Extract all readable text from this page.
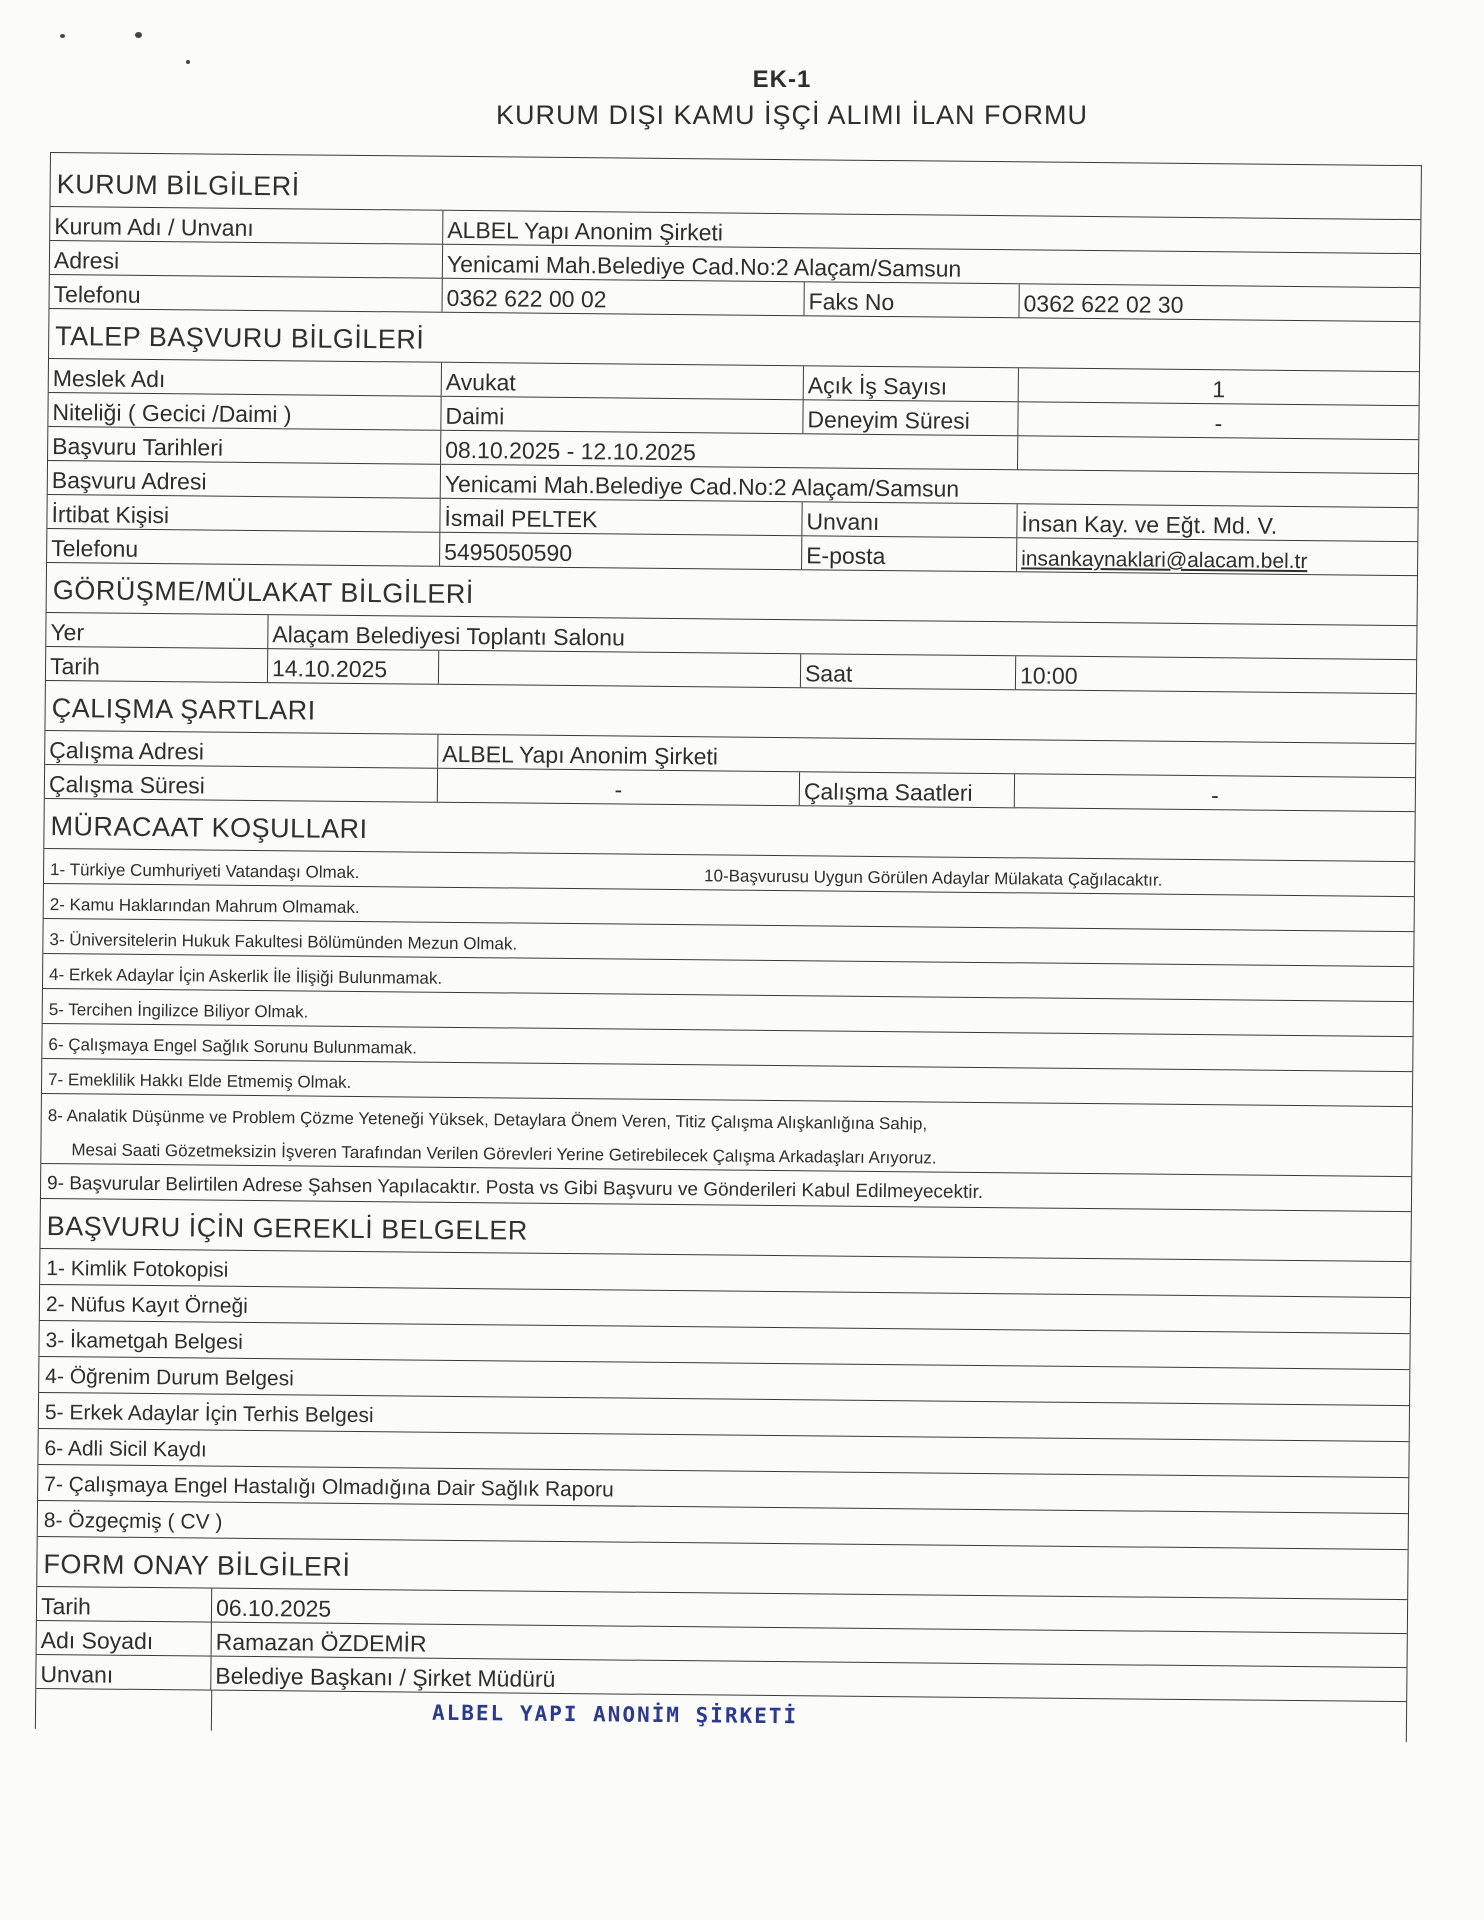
EK-1
KURUM DIŞI KAMU İŞÇİ ALIMI İLAN FORMU
KURUM BİLGİLERİ
Kurum Adı / Unvanı	ALBEL Yapı Anonim Şirketi
Adresi	Yenicami Mah.Belediye Cad.No:2 Alaçam/Samsun
Telefonu	0362 622 00 02	Faks No	0362 622 02 30
TALEP BAŞVURU BİLGİLERİ
Meslek Adı	Avukat	Açık İş Sayısı	1
Niteliği ( Gecici /Daimi )	Daimi	Deneyim Süresi	-
Başvuru Tarihleri	08.10.2025 - 12.10.2025
Başvuru Adresi	Yenicami Mah.Belediye Cad.No:2 Alaçam/Samsun
İrtibat Kişisi	İsmail PELTEK	Unvanı	İnsan Kay. ve Eğt. Md. V.
Telefonu	5495050590	E-posta	insankaynaklari@alacam.bel.tr
GÖRÜŞME/MÜLAKAT BİLGİLERİ
Yer	Alaçam Belediyesi Toplantı Salonu
Tarih	14.10.2025	Saat	10:00
ÇALIŞMA ŞARTLARI
Çalışma Adresi	ALBEL Yapı Anonim Şirketi
Çalışma Süresi	-	Çalışma Saatleri	-
MÜRACAAT KOŞULLARI
1- Türkiye Cumhuriyeti Vatandaşı Olmak.	10-Başvurusu Uygun Görülen Adaylar Mülakata Çağılacaktır.
2- Kamu Haklarından Mahrum Olmamak.
3- Üniversitelerin Hukuk Fakultesi Bölümünden Mezun Olmak.
4- Erkek Adaylar İçin Askerlik İle İlişiği Bulunmamak.
5- Tercihen İngilizce Biliyor Olmak.
6- Çalışmaya Engel Sağlık Sorunu Bulunmamak.
7- Emeklilik Hakkı Elde Etmemiş Olmak.
8- Analatik Düşünme ve Problem Çözme Yeteneği Yüksek, Detaylara Önem Veren, Titiz Çalışma Alışkanlığına Sahip,
Mesai Saati Gözetmeksizin İşveren Tarafından Verilen Görevleri Yerine Getirebilecek Çalışma Arkadaşları Arıyoruz.
9- Başvurular Belirtilen Adrese Şahsen Yapılacaktır. Posta vs Gibi Başvuru ve Gönderileri Kabul Edilmeyecektir.
BAŞVURU İÇİN GEREKLİ BELGELER
1- Kimlik Fotokopisi
2- Nüfus Kayıt Örneği
3- İkametgah Belgesi
4- Öğrenim Durum Belgesi
5- Erkek Adaylar İçin Terhis Belgesi
6- Adli Sicil Kaydı
7- Çalışmaya Engel Hastalığı Olmadığına Dair Sağlık Raporu
8- Özgeçmiş ( CV )
FORM ONAY BİLGİLERİ
Tarih	06.10.2025
Adı Soyadı	Ramazan ÖZDEMİR
Unvanı	Belediye Başkanı / Şirket Müdürü
ALBEL YAPI ANONİM ŞİRKETİ
